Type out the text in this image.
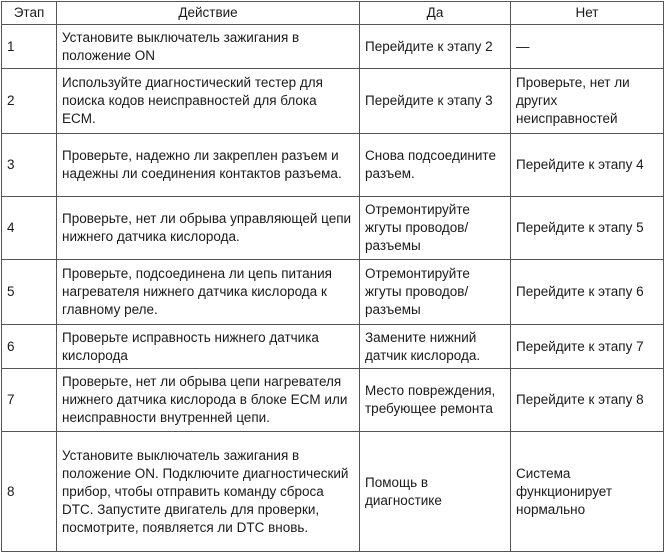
Этап	Действие	Да	Нет
1	Установите выключатель зажигания в положение ON	Перейдите к этапу 2	—
2	Используйте диагностический тестер для поиска кодов неисправностей для блока ECM.	Перейдите к этапу 3	Проверьте, нет ли других неисправностей
3	Проверьте, надежно ли закреплен разъем и надежны ли соединения контактов разъема.	Снова подсоедините разъем.	Перейдите к этапу 4
4	Проверьте, нет ли обрыва управляющей цепи нижнего датчика кислорода.	Отремонтируйте жгуты проводов/ разъемы	Перейдите к этапу 5
5	Проверьте, подсоединена ли цепь питания нагревателя нижнего датчика кислорода к главному реле.	Отремонтируйте жгуты проводов/ разъемы	Перейдите к этапу 6
6	Проверьте исправность нижнего датчика кислорода	Замените нижний датчик кислорода.	Перейдите к этапу 7
7	Проверьте, нет ли обрыва цепи нагревателя нижнего датчика кислорода в блоке ECM или неисправности внутренней цепи.	Место повреждения, требующее ремонта	Перейдите к этапу 8
8	Установите выключатель зажигания в положение ON. Подключите диагностический прибор, чтобы отправить команду сброса DTC. Запустите двигатель для проверки, посмотрите, появляется ли DTC вновь.	Помощь в диагностике	Система функционирует нормально
